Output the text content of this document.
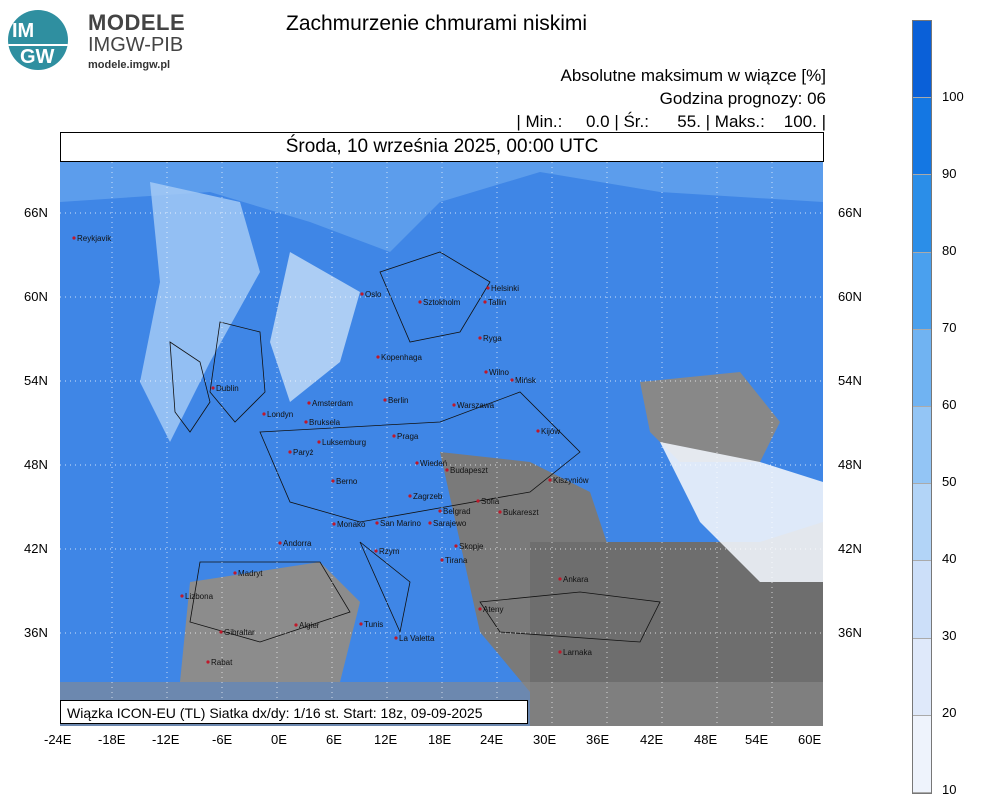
IM
GW
MODELE
IMGW-PIB
modele.imgw.pl
Zachmurzenie chmurami niskimi
Absolutne maksimum w wiązce [%]
Godzina prognozy: 06
| Min.:     0.0 | Śr.:      55. | Maks.:    100. |
Środa, 10 września 2025, 00:00 UTC
Reykjavik
Oslo
Sztokholm
Helsinki
Tallin
Ryga
Kopenhaga
Wilno
Mińsk
Dublin
Londyn
Amsterdam	Berlin
Warszawa
Bruksela
Luksemburg
Praga
Kijów
Paryż
Wiedeń
Budapeszt
Berno	Kiszyniów
Zagrzeb
Belgrad	Bukareszt
Monako San Marino Sarajewo
Sofia
Andorra
Rzym
Skopje
Tirana
Madryt
Ankara
Lizbona
Ateny
Gibraltar
Algier	Tunis
La Valetta
Larnaka
Rabat
Wiązka ICON-EU (TL) Siatka dx/dy: 1/16 st. Start: 18z, 09-09-2025
66N
60N
54N
48N
42N
36N
66N
60N
54N
48N
42N
36N
-24E -18E -12E	-6E	0E	6E 12E 18E 24E 30E 36E 42E 48E 54E 60E
100
90
80
70
60
50
40
30
20
10
